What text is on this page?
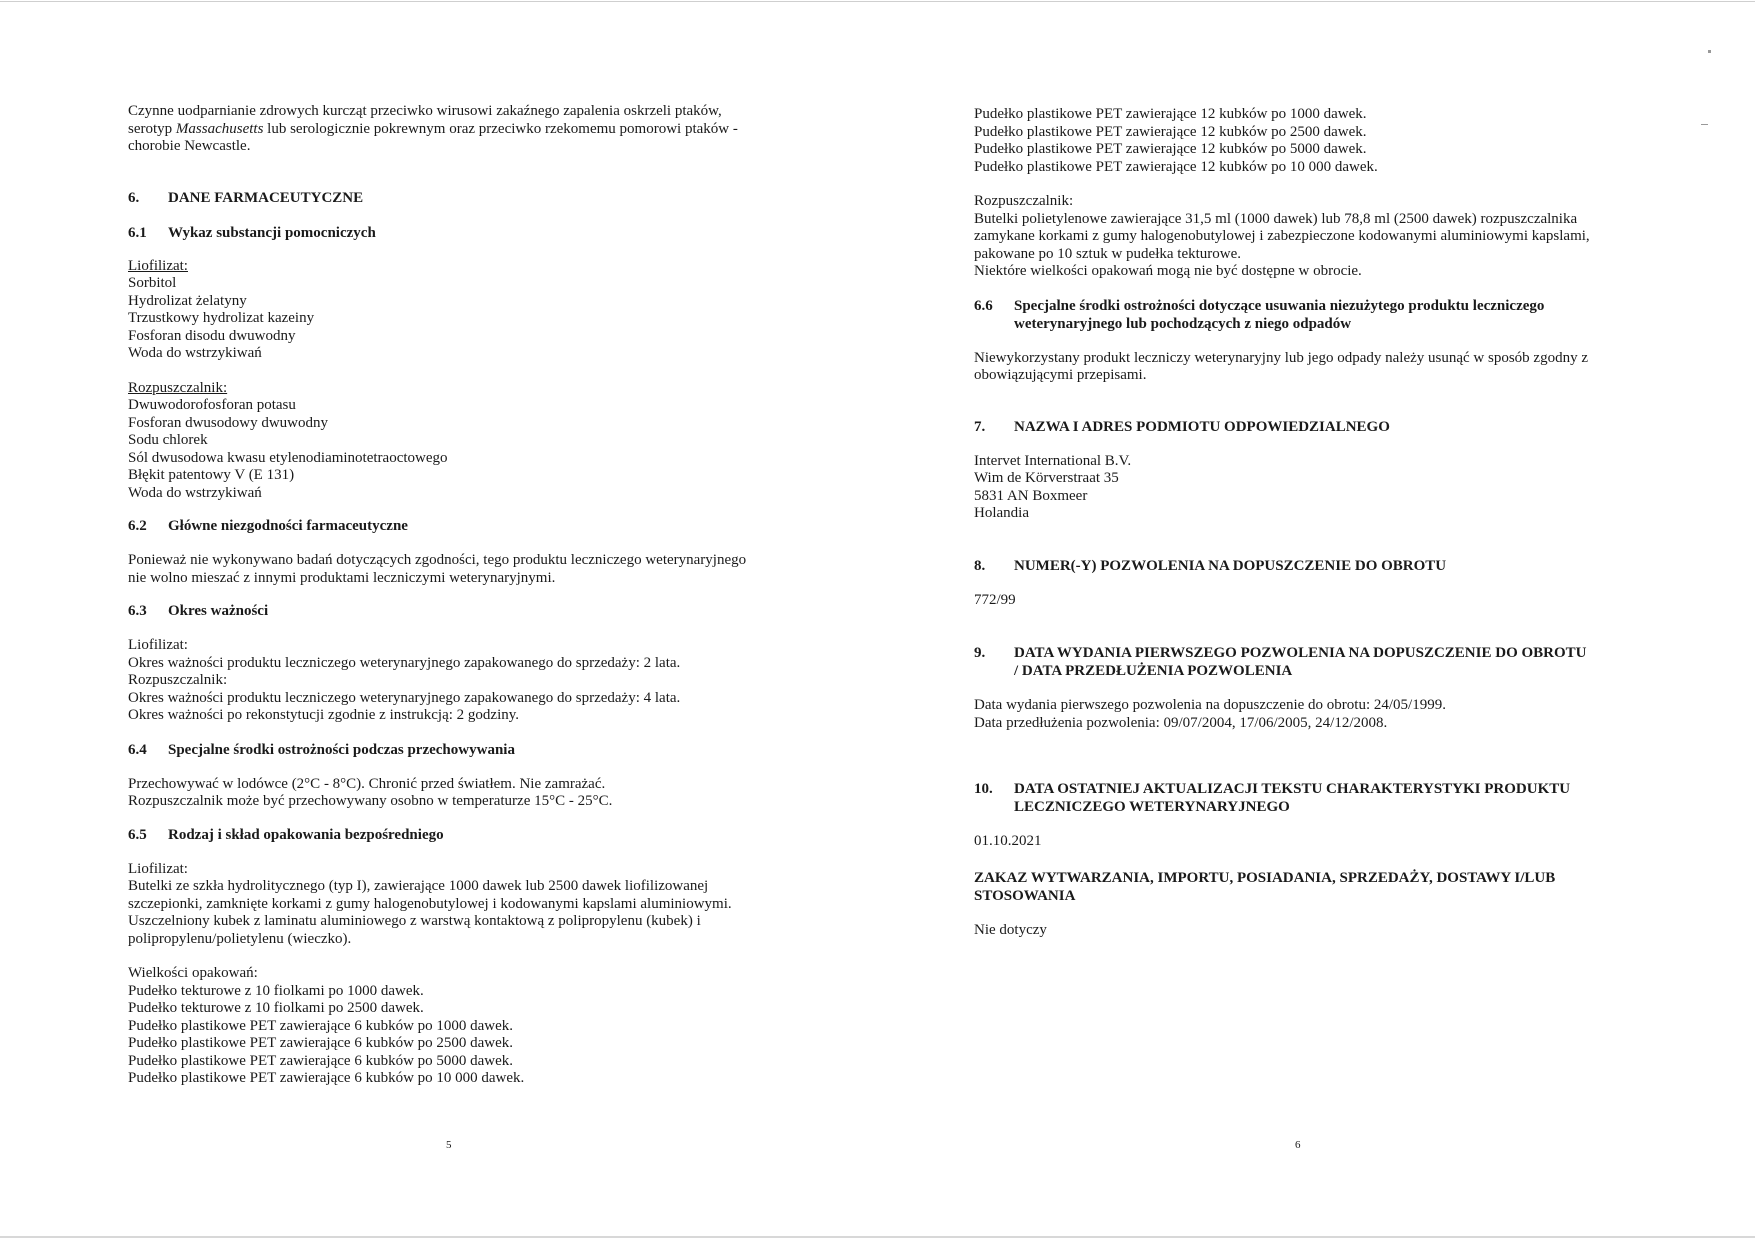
Czynne uodparnianie zdrowych kurcząt przeciwko wirusowi zakaźnego zapalenia oskrzeli ptaków,
serotyp Massachusetts lub serologicznie pokrewnym oraz przeciwko rzekomemu pomorowi ptaków -
chorobie Newcastle.
6.	DANE FARMACEUTYCZNE
6.1	Wykaz substancji pomocniczych
Liofilizat:
Sorbitol
Hydrolizat żelatyny
Trzustkowy hydrolizat kazeiny
Fosforan disodu dwuwodny
Woda do wstrzykiwań
Rozpuszczalnik:
Dwuwodorofosforan potasu
Fosforan dwusodowy dwuwodny
Sodu chlorek
Sól dwusodowa kwasu etylenodiaminotetraoctowego
Błękit patentowy V (E 131)
Woda do wstrzykiwań
6.2	Główne niezgodności farmaceutyczne
Ponieważ nie wykonywano badań dotyczących zgodności, tego produktu leczniczego weterynaryjnego
nie wolno mieszać z innymi produktami leczniczymi weterynaryjnymi.
6.3	Okres ważności
Liofilizat:
Okres ważności produktu leczniczego weterynaryjnego zapakowanego do sprzedaży: 2 lata.
Rozpuszczalnik:
Okres ważności produktu leczniczego weterynaryjnego zapakowanego do sprzedaży: 4 lata.
Okres ważności po rekonstytucji zgodnie z instrukcją: 2 godziny.
6.4	Specjalne środki ostrożności podczas przechowywania
Przechowywać w lodówce (2°C - 8°C). Chronić przed światłem. Nie zamrażać.
Rozpuszczalnik może być przechowywany osobno w temperaturze 15°C - 25°C.
6.5	Rodzaj i skład opakowania bezpośredniego
Liofilizat:
Butelki ze szkła hydrolitycznego (typ I), zawierające 1000 dawek lub 2500 dawek liofilizowanej
szczepionki, zamknięte korkami z gumy halogenobutylowej i kodowanymi kapslami aluminiowymi.
Uszczelniony kubek z laminatu aluminiowego z warstwą kontaktową z polipropylenu (kubek) i
polipropylenu/polietylenu (wieczko).
Wielkości opakowań:
Pudełko tekturowe z 10 fiolkami po 1000 dawek.
Pudełko tekturowe z 10 fiolkami po 2500 dawek.
Pudełko plastikowe PET zawierające 6 kubków po 1000 dawek.
Pudełko plastikowe PET zawierające 6 kubków po 2500 dawek.
Pudełko plastikowe PET zawierające 6 kubków po 5000 dawek.
Pudełko plastikowe PET zawierające 6 kubków po 10 000 dawek.
5
Pudełko plastikowe PET zawierające 12 kubków po 1000 dawek.
Pudełko plastikowe PET zawierające 12 kubków po 2500 dawek.
Pudełko plastikowe PET zawierające 12 kubków po 5000 dawek.
Pudełko plastikowe PET zawierające 12 kubków po 10 000 dawek.
Rozpuszczalnik:
Butelki polietylenowe zawierające 31,5 ml (1000 dawek) lub 78,8 ml (2500 dawek) rozpuszczalnika
zamykane korkami z gumy halogenobutylowej i zabezpieczone kodowanymi aluminiowymi kapslami,
pakowane po 10 sztuk w pudełka tekturowe.
Niektóre wielkości opakowań mogą nie być dostępne w obrocie.
6.6	Specjalne środki ostrożności dotyczące usuwania niezużytego produktu leczniczego
weterynaryjnego lub pochodzących z niego odpadów
Niewykorzystany produkt leczniczy weterynaryjny lub jego odpady należy usunąć w sposób zgodny z
obowiązującymi przepisami.
7.	NAZWA I ADRES PODMIOTU ODPOWIEDZIALNEGO
Intervet International B.V.
Wim de Körverstraat 35
5831 AN Boxmeer
Holandia
8.	NUMER(-Y) POZWOLENIA NA DOPUSZCZENIE DO OBROTU
772/99
9.	DATA WYDANIA PIERWSZEGO POZWOLENIA NA DOPUSZCZENIE DO OBROTU
/ DATA PRZEDŁUŻENIA POZWOLENIA
Data wydania pierwszego pozwolenia na dopuszczenie do obrotu: 24/05/1999.
Data przedłużenia pozwolenia: 09/07/2004, 17/06/2005, 24/12/2008.
10.	DATA OSTATNIEJ AKTUALIZACJI TEKSTU CHARAKTERYSTYKI PRODUKTU
LECZNICZEGO WETERYNARYJNEGO
01.10.2021
ZAKAZ WYTWARZANIA, IMPORTU, POSIADANIA, SPRZEDAŻY, DOSTAWY I/LUB
STOSOWANIA
Nie dotyczy
6
